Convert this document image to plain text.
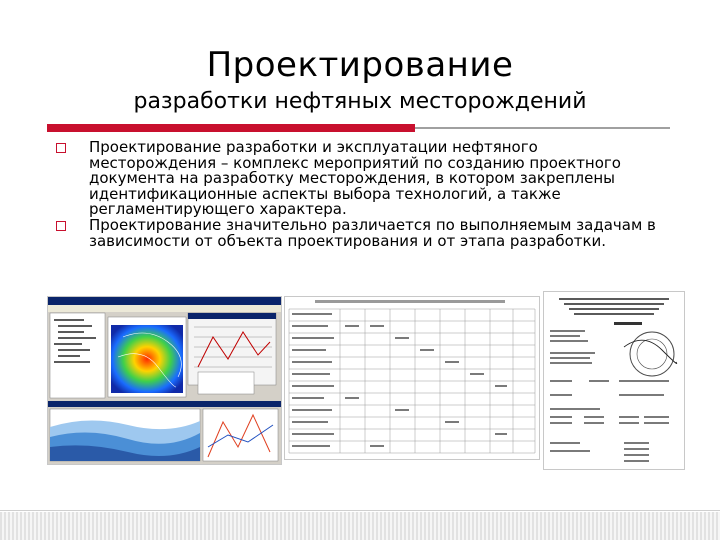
Проектирование
разработки нефтяных месторождений
Проектирование разработки и эксплуатации нефтяного месторождения – комплекс мероприятий по созданию проектного документа на разработку месторождения, в котором закреплены идентификационные аспекты выбора технологий, а также регламентирующего характера.
Проектирование значительно различается по выполняемым задачам в зависимости от объекта проектирования и от этапа разработки.
